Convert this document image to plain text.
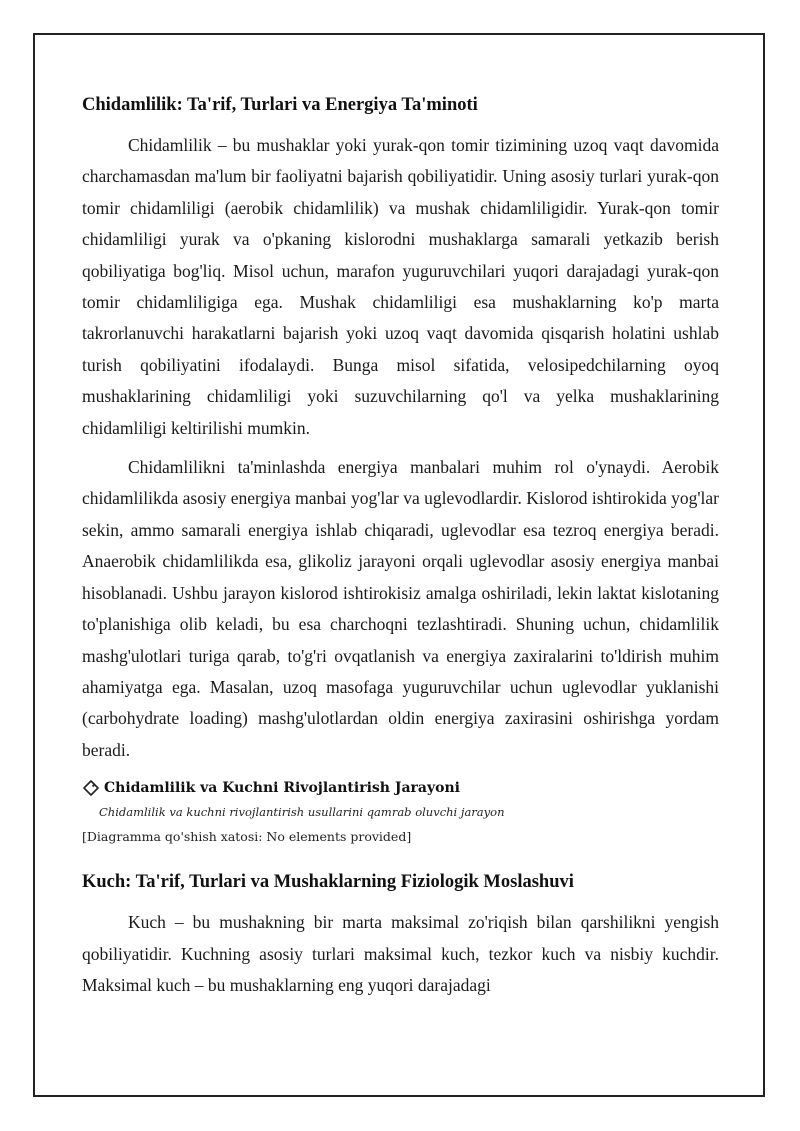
Chidamlilik: Ta'rif, Turlari va Energiya Ta'minoti

Chidamlilik – bu mushaklar yoki yurak-qon tomir tizimining uzoq vaqt davomida charchamasdan ma'lum bir faoliyatni bajarish qobiliyatidir. Uning asosiy turlari yurak-qon tomir chidamliligi (aerobik chidamlilik) va mushak chidamliligidir. Yurak-qon tomir chidamliligi yurak va o'pkaning kislorodni mushaklarga samarali yetkazib berish qobiliyatiga bog'liq. Misol uchun, marafon yuguruvchilari yuqori darajadagi yurak-qon tomir chidamliligiga ega. Mushak chidamliligi esa mushaklarning ko'p marta takrorlanuvchi harakatlarni bajarish yoki uzoq vaqt davomida qisqarish holatini ushlab turish qobiliyatini ifodalaydi. Bunga misol sifatida, velosipedchilarning oyoq mushaklarining chidamliligi yoki suzuvchilarning qo'l va yelka mushaklarining chidamliligi keltirilishi mumkin.

Chidamlilikni ta'minlashda energiya manbalari muhim rol o'ynaydi. Aerobik chidamlilikda asosiy energiya manbai yog'lar va uglevodlardir. Kislorod ishtirokida yog'lar sekin, ammo samarali energiya ishlab chiqaradi, uglevodlar esa tezroq energiya beradi. Anaerobik chidamlilikda esa, glikoliz jarayoni orqali uglevodlar asosiy energiya manbai hisoblanadi. Ushbu jarayon kislorod ishtirokisiz amalga oshiriladi, lekin laktat kislotaning to'planishiga olib keladi, bu esa charchoqni tezlashtiradi. Shuning uchun, chidamlilik mashg'ulotlari turiga qarab, to'g'ri ovqatlanish va energiya zaxiralarini to'ldirish muhim ahamiyatga ega. Masalan, uzoq masofaga yuguruvchilar uchun uglevodlar yuklanishi (carbohydrate loading) mashg'ulotlardan oldin energiya zaxirasini oshirishga yordam beradi.

Chidamlilik va Kuchni Rivojlantirish Jarayoni
Chidamlilik va kuchni rivojlantirish usullarini qamrab oluvchi jarayon
[Diagramma qo'shish xatosi: No elements provided]
Kuch: Ta'rif, Turlari va Mushaklarning Fiziologik Moslashuvi

Kuch – bu mushakning bir marta maksimal zo'riqish bilan qarshilikni yengish qobiliyatidir. Kuchning asosiy turlari maksimal kuch, tezkor kuch va nisbiy kuchdir. Maksimal kuch – bu mushaklarning eng yuqori darajadagi
